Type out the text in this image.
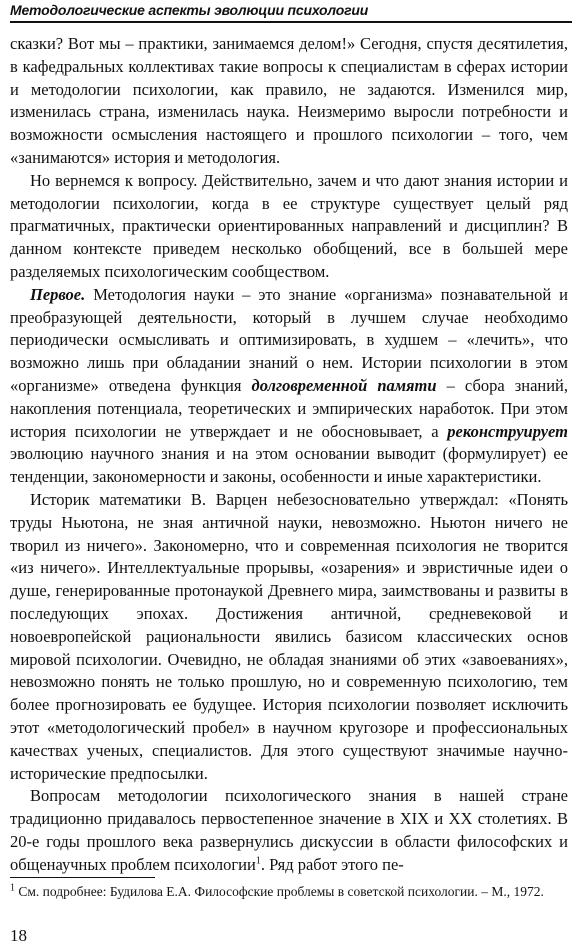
Методологические аспекты эволюции психологии

сказки? Вот мы – практики, занимаемся делом!» Сегодня, спустя десятилетия, в кафедральных коллективах такие вопросы к специалистам в сферах истории и методологии психологии, как правило, не задаются. Изменился мир, изменилась страна, изменилась наука. Неизмеримо выросли потребности и возможности осмысления настоящего и прошлого психологии – того, чем «занимаются» история и методология.

Но вернемся к вопросу. Действительно, зачем и что дают знания истории и методологии психологии, когда в ее структуре существует целый ряд прагматичных, практически ориентированных направлений и дисциплин? В данном контексте приведем несколько обобщений, все в большей мере разделяемых психологическим сообществом.

Первое. Методология науки – это знание «организма» познавательной и преобразующей деятельности, который в лучшем случае необходимо периодически осмысливать и оптимизировать, в худшем – «лечить», что возможно лишь при обладании знаний о нем. Истории психологии в этом «организме» отведена функция долговременной памяти – сбора знаний, накопления потенциала, теоретических и эмпирических наработок. При этом история психологии не утверждает и не обосновывает, а реконструирует эволюцию научного знания и на этом основании выводит (формулирует) ее тенденции, закономерности и законы, особенности и иные характеристики.

Историк математики В. Варцен небезосновательно утверждал: «Понять труды Ньютона, не зная античной науки, невозможно. Ньютон ничего не творил из ничего». Закономерно, что и современная психология не творится «из ничего». Интеллектуальные прорывы, «озарения» и эвристичные идеи о душе, генерированные протонаукой Древнего мира, заимствованы и развиты в последующих эпохах. Достижения античной, средневековой и новоевропейской рациональности явились базисом классических основ мировой психологии. Очевидно, не обладая знаниями об этих «завоеваниях», невозможно понять не только прошлую, но и современную психологию, тем более прогнозировать ее будущее. История психологии позволяет исключить этот «методологический пробел» в научном кругозоре и профессиональных качествах ученых, специалистов. Для этого существуют значимые научно-исторические предпосылки.

Вопросам методологии психологического знания в нашей стране традиционно придавалось первостепенное значение в XIX и XX столетиях. В 20-е годы прошлого века развернулись дискуссии в области философских и общенаучных проблем психологии$^1$. Ряд работ этого пе-

$^1$ См. подробнее: Будилова Е.А. Философские проблемы в советской психологии. – М., 1972.
18
